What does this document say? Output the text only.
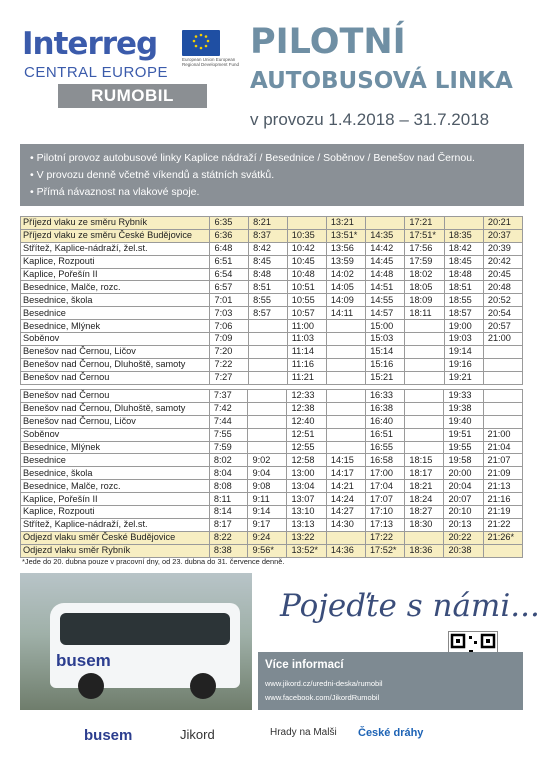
Interreg
CENTRAL EUROPE
European Union European Regional Development Fund
RUMOBIL
PILOTNÍ
AUTOBUSOVÁ LINKA
v provozu 1.4.2018 – 31.7.2018
• Pilotní provoz autobusové linky Kaplice nádraží / Besednice / Soběnov / Benešov nad Černou.
• V provozu denně včetně víkendů a státních svátků.
• Přímá návaznost na vlakové spoje.
Příjezd vlaku ze směru Rybník	6:35	8:21		13:21		17:21		20:21
Příjezd vlaku ze směru České Budějovice	6:36	8:37	10:35	13:51*	14:35	17:51*	18:35	20:37
Střítež, Kaplice-nádraží, žel.st.	6:48	8:42	10:42	13:56	14:42	17:56	18:42	20:39
Kaplice, Rozpouti	6:51	8:45	10:45	13:59	14:45	17:59	18:45	20:42
Kaplice, Pořešín II	6:54	8:48	10:48	14:02	14:48	18:02	18:48	20:45
Besednice, Malče, rozc.	6:57	8:51	10:51	14:05	14:51	18:05	18:51	20:48
Besednice, škola	7:01	8:55	10:55	14:09	14:55	18:09	18:55	20:52
Besednice	7:03	8:57	10:57	14:11	14:57	18:11	18:57	20:54
Besednice, Mlýnek	7:06		11:00		15:00		19:00	20:57
Soběnov	7:09		11:03		15:03		19:03	21:00
Benešov nad Černou, Ličov	7:20		11:14		15:14		19:14	
Benešov nad Černou, Dluhoště, samoty	7:22		11:16		15:16		19:16	
Benešov nad Černou	7:27		11:21		15:21		19:21	
Benešov nad Černou	7:37		12:33		16:33		19:33	
Benešov nad Černou, Dluhoště, samoty	7:42		12:38		16:38		19:38	
Benešov nad Černou, Ličov	7:44		12:40		16:40		19:40	
Soběnov	7:55		12:51		16:51		19:51	21:00
Besednice, Mlýnek	7:59		12:55		16:55		19:55	21:04
Besednice	8:02	9:02	12:58	14:15	16:58	18:15	19:58	21:07
Besednice, škola	8:04	9:04	13:00	14:17	17:00	18:17	20:00	21:09
Besednice, Malče, rozc.	8:08	9:08	13:04	14:21	17:04	18:21	20:04	21:13
Kaplice, Pořešín II	8:11	9:11	13:07	14:24	17:07	18:24	20:07	21:16
Kaplice, Rozpouti	8:14	9:14	13:10	14:27	17:10	18:27	20:10	21:19
Střítež, Kaplice-nádraží, žel.st.	8:17	9:17	13:13	14:30	17:13	18:30	20:13	21:22
Odjezd vlaku směr České Budějovice	8:22	9:24	13:22		17:22		20:22	21:26*
Odjezd vlaku směr Rybník	8:38	9:56*	13:52*	14:36	17:52*	18:36	20:38	
*Jede do 20. dubna pouze v pracovní dny, od 23. dubna do 31. července denně.
busem
Pojeďte s námi...
Více informací
www.jikord.cz/uredni-deska/rumobil
www.facebook.com/JikordRumobil
busem	Jikord	Hrady na Malši České dráhy
